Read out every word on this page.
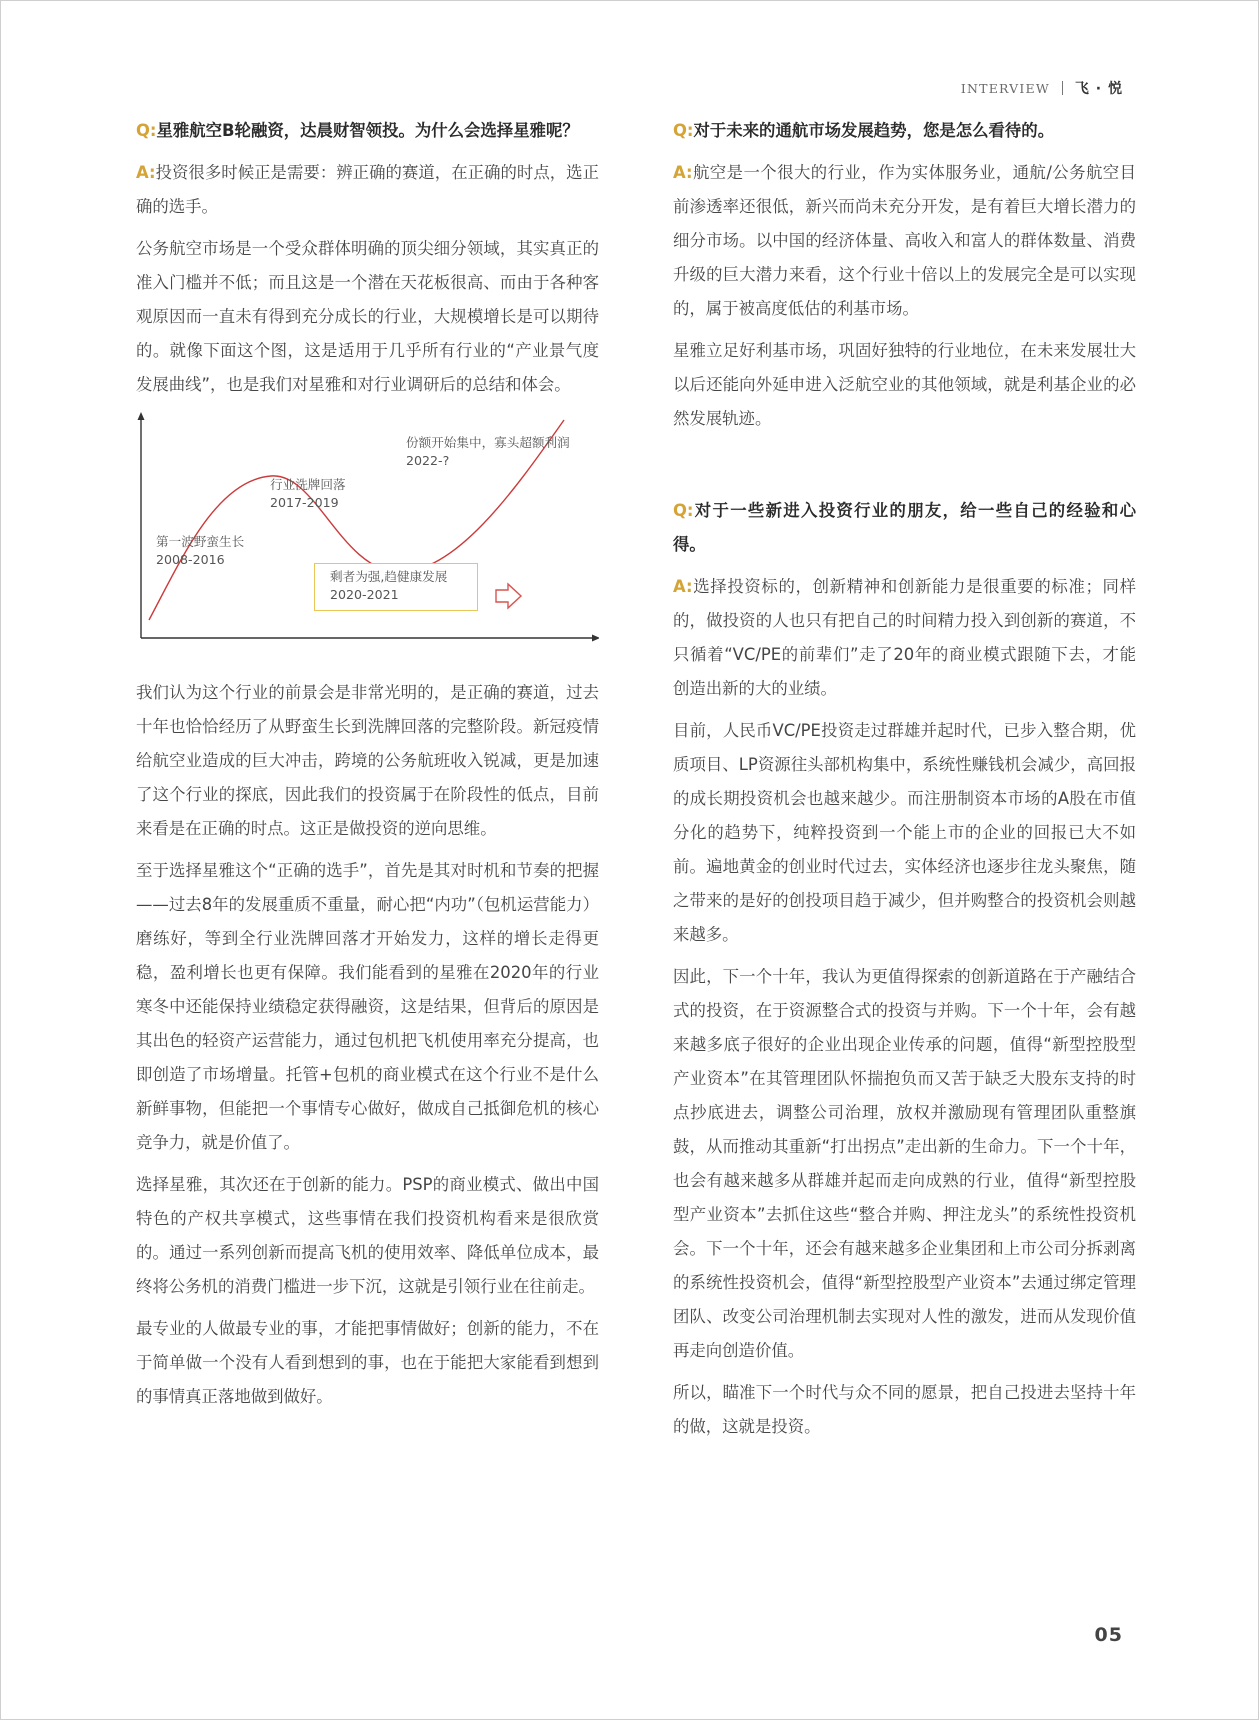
INTERVIEW 飞 · 悦

Q:星雅航空B轮融资，达晨财智领投。为什么会选择星雅呢？

A:投资很多时候正是需要：辨正确的赛道，在正确的时点，选正确的选手。

公务航空市场是一个受众群体明确的顶尖细分领域，其实真正的准入门槛并不低；而且这是一个潜在天花板很高、而由于各种客观原因而一直未有得到充分成长的行业，大规模增长是可以期待的。就像下面这个图，这是适用于几乎所有行业的“产业景气度发展曲线”，也是我们对星雅和对行业调研后的总结和体会。

第一波野蛮生长
2008-2016
行业洗牌回落
2017-2019
份额开始集中，寡头超额利润
2022-?
剩者为强,趋健康发展
2020-2021

我们认为这个行业的前景会是非常光明的，是正确的赛道，过去十年也恰恰经历了从野蛮生长到洗牌回落的完整阶段。新冠疫情给航空业造成的巨大冲击，跨境的公务航班收入锐减，更是加速了这个行业的探底，因此我们的投资属于在阶段性的低点，目前来看是在正确的时点。这正是做投资的逆向思维。

至于选择星雅这个“正确的选手”，首先是其对时机和节奏的把握——过去8年的发展重质不重量，耐心把“内功”（包机运营能力）磨练好，等到全行业洗牌回落才开始发力，这样的增长走得更稳，盈利增长也更有保障。我们能看到的星雅在2020年的行业寒冬中还能保持业绩稳定获得融资，这是结果，但背后的原因是其出色的轻资产运营能力，通过包机把飞机使用率充分提高，也即创造了市场增量。托管+包机的商业模式在这个行业不是什么新鲜事物，但能把一个事情专心做好，做成自己抵御危机的核心竞争力，就是价值了。

选择星雅，其次还在于创新的能力。PSP的商业模式、做出中国特色的产权共享模式，这些事情在我们投资机构看来是很欣赏的。通过一系列创新而提高飞机的使用效率、降低单位成本，最终将公务机的消费门槛进一步下沉，这就是引领行业在往前走。

最专业的人做最专业的事，才能把事情做好；创新的能力，不在于简单做一个没有人看到想到的事，也在于能把大家能看到想到的事情真正落地做到做好。

Q:对于未来的通航市场发展趋势，您是怎么看待的。

A:航空是一个很大的行业，作为实体服务业，通航/公务航空目前渗透率还很低，新兴而尚未充分开发，是有着巨大增长潜力的细分市场。以中国的经济体量、高收入和富人的群体数量、消费升级的巨大潜力来看，这个行业十倍以上的发展完全是可以实现的，属于被高度低估的利基市场。

星雅立足好利基市场，巩固好独特的行业地位，在未来发展壮大以后还能向外延申进入泛航空业的其他领域，就是利基企业的必然发展轨迹。

Q:对于一些新进入投资行业的朋友，给一些自己的经验和心得。

A:选择投资标的，创新精神和创新能力是很重要的标准；同样的，做投资的人也只有把自己的时间精力投入到创新的赛道，不只循着“VC/PE的前辈们”走了20年的商业模式跟随下去，才能创造出新的大的业绩。

目前，人民币VC/PE投资走过群雄并起时代，已步入整合期，优质项目、LP资源往头部机构集中，系统性赚钱机会减少，高回报的成长期投资机会也越来越少。而注册制资本市场的A股在市值分化的趋势下，纯粹投资到一个能上市的企业的回报已大不如前。遍地黄金的创业时代过去，实体经济也逐步往龙头聚焦，随之带来的是好的创投项目趋于减少，但并购整合的投资机会则越来越多。

因此，下一个十年，我认为更值得探索的创新道路在于产融结合式的投资，在于资源整合式的投资与并购。下一个十年，会有越来越多底子很好的企业出现企业传承的问题，值得“新型控股型产业资本”在其管理团队怀揣抱负而又苦于缺乏大股东支持的时点抄底进去，调整公司治理，放权并激励现有管理团队重整旗鼓，从而推动其重新“打出拐点”走出新的生命力。下一个十年，也会有越来越多从群雄并起而走向成熟的行业，值得“新型控股型产业资本”去抓住这些“整合并购、押注龙头”的系统性投资机会。下一个十年，还会有越来越多企业集团和上市公司分拆剥离的系统性投资机会，值得“新型控股型产业资本”去通过绑定管理团队、改变公司治理机制去实现对人性的激发，进而从发现价值再走向创造价值。

所以，瞄准下一个时代与众不同的愿景，把自己投进去坚持十年的做，这就是投资。

05
